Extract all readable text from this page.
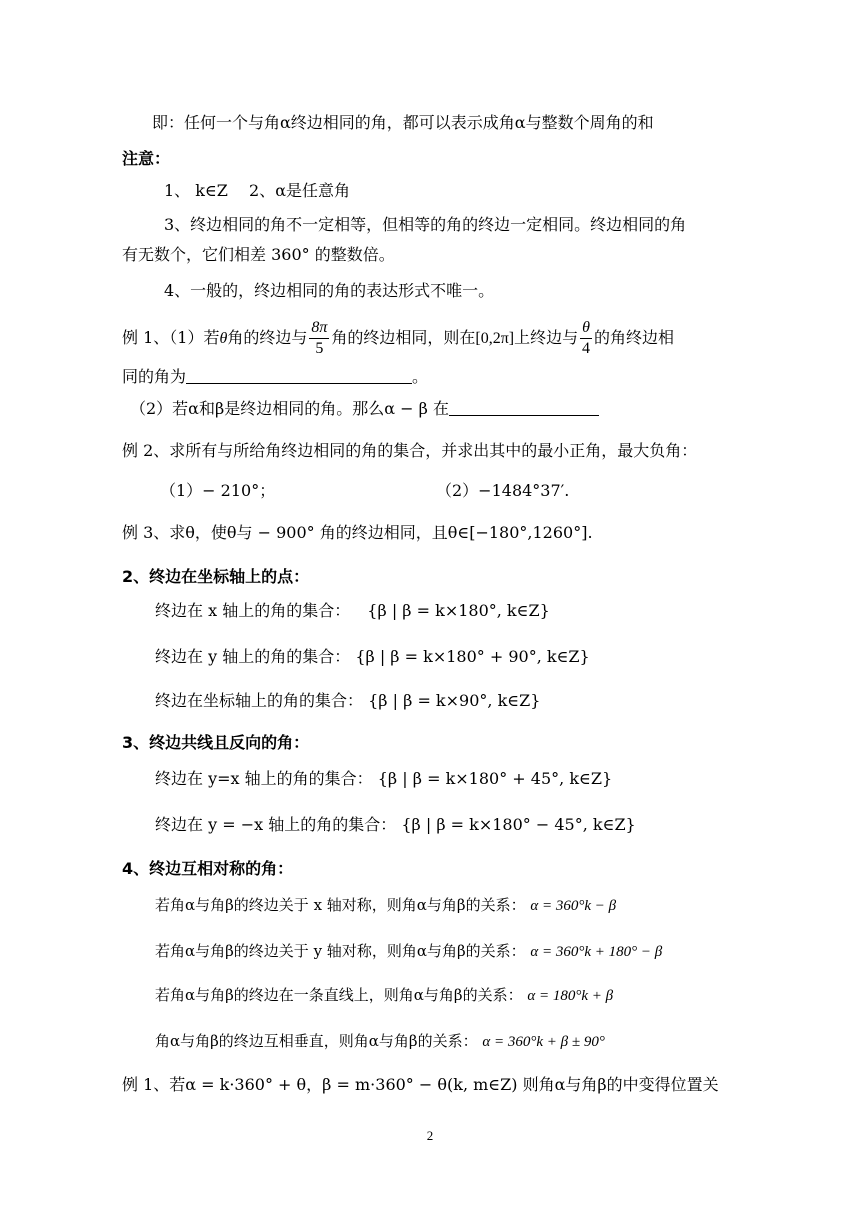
即：任何一个与角α终边相同的角，都可以表示成角α与整数个周角的和
注意：
1、 k∈Z　 2、α是任意角
3、终边相同的角不一定相等，但相等的角的终边一定相同。终边相同的角
有无数个，它们相差 360° 的整数倍。
4、一般的，终边相同的角的表达形式不唯一。
例 1、（1）若θ角的终边与 $\frac{8\pi}{5}$ 角的终边相同，则在[0,2π]上终边与 $\frac{\theta}{4}$ 的角终边相
同的角为	。
（2）若α和β是终边相同的角。那么α − β 在
例 2、求所有与所给角终边相同的角的集合，并求出其中的最小正角，最大负角：
（1）− 210°；	（2）−1484°37′.
例 3、求θ，使θ与 − 900° 角的终边相同，且θ∈[−180°,1260°].
2、终边在坐标轴上的点：
终边在 x 轴上的角的集合： {β | β = k×180°, k∈Z}
终边在 y 轴上的角的集合： {β | β = k×180° + 90°, k∈Z}
终边在坐标轴上的角的集合： {β | β = k×90°, k∈Z}
3、终边共线且反向的角：
终边在 y=x 轴上的角的集合： {β | β = k×180° + 45°, k∈Z}
终边在 y = −x 轴上的角的集合： {β | β = k×180° − 45°, k∈Z}
4、终边互相对称的角：
若角α与角β的终边关于 x 轴对称，则角α与角β的关系： α = 360°k − β
若角α与角β的终边关于 y 轴对称，则角α与角β的关系： α = 360°k + 180° − β
若角α与角β的终边在一条直线上，则角α与角β的关系： α = 180°k + β
角α与角β的终边互相垂直，则角α与角β的关系： α = 360°k + β ± 90°
例 1、若α = k·360° + θ，β = m·360° − θ(k, m∈Z) 则角α与角β的中变得位置关
2
